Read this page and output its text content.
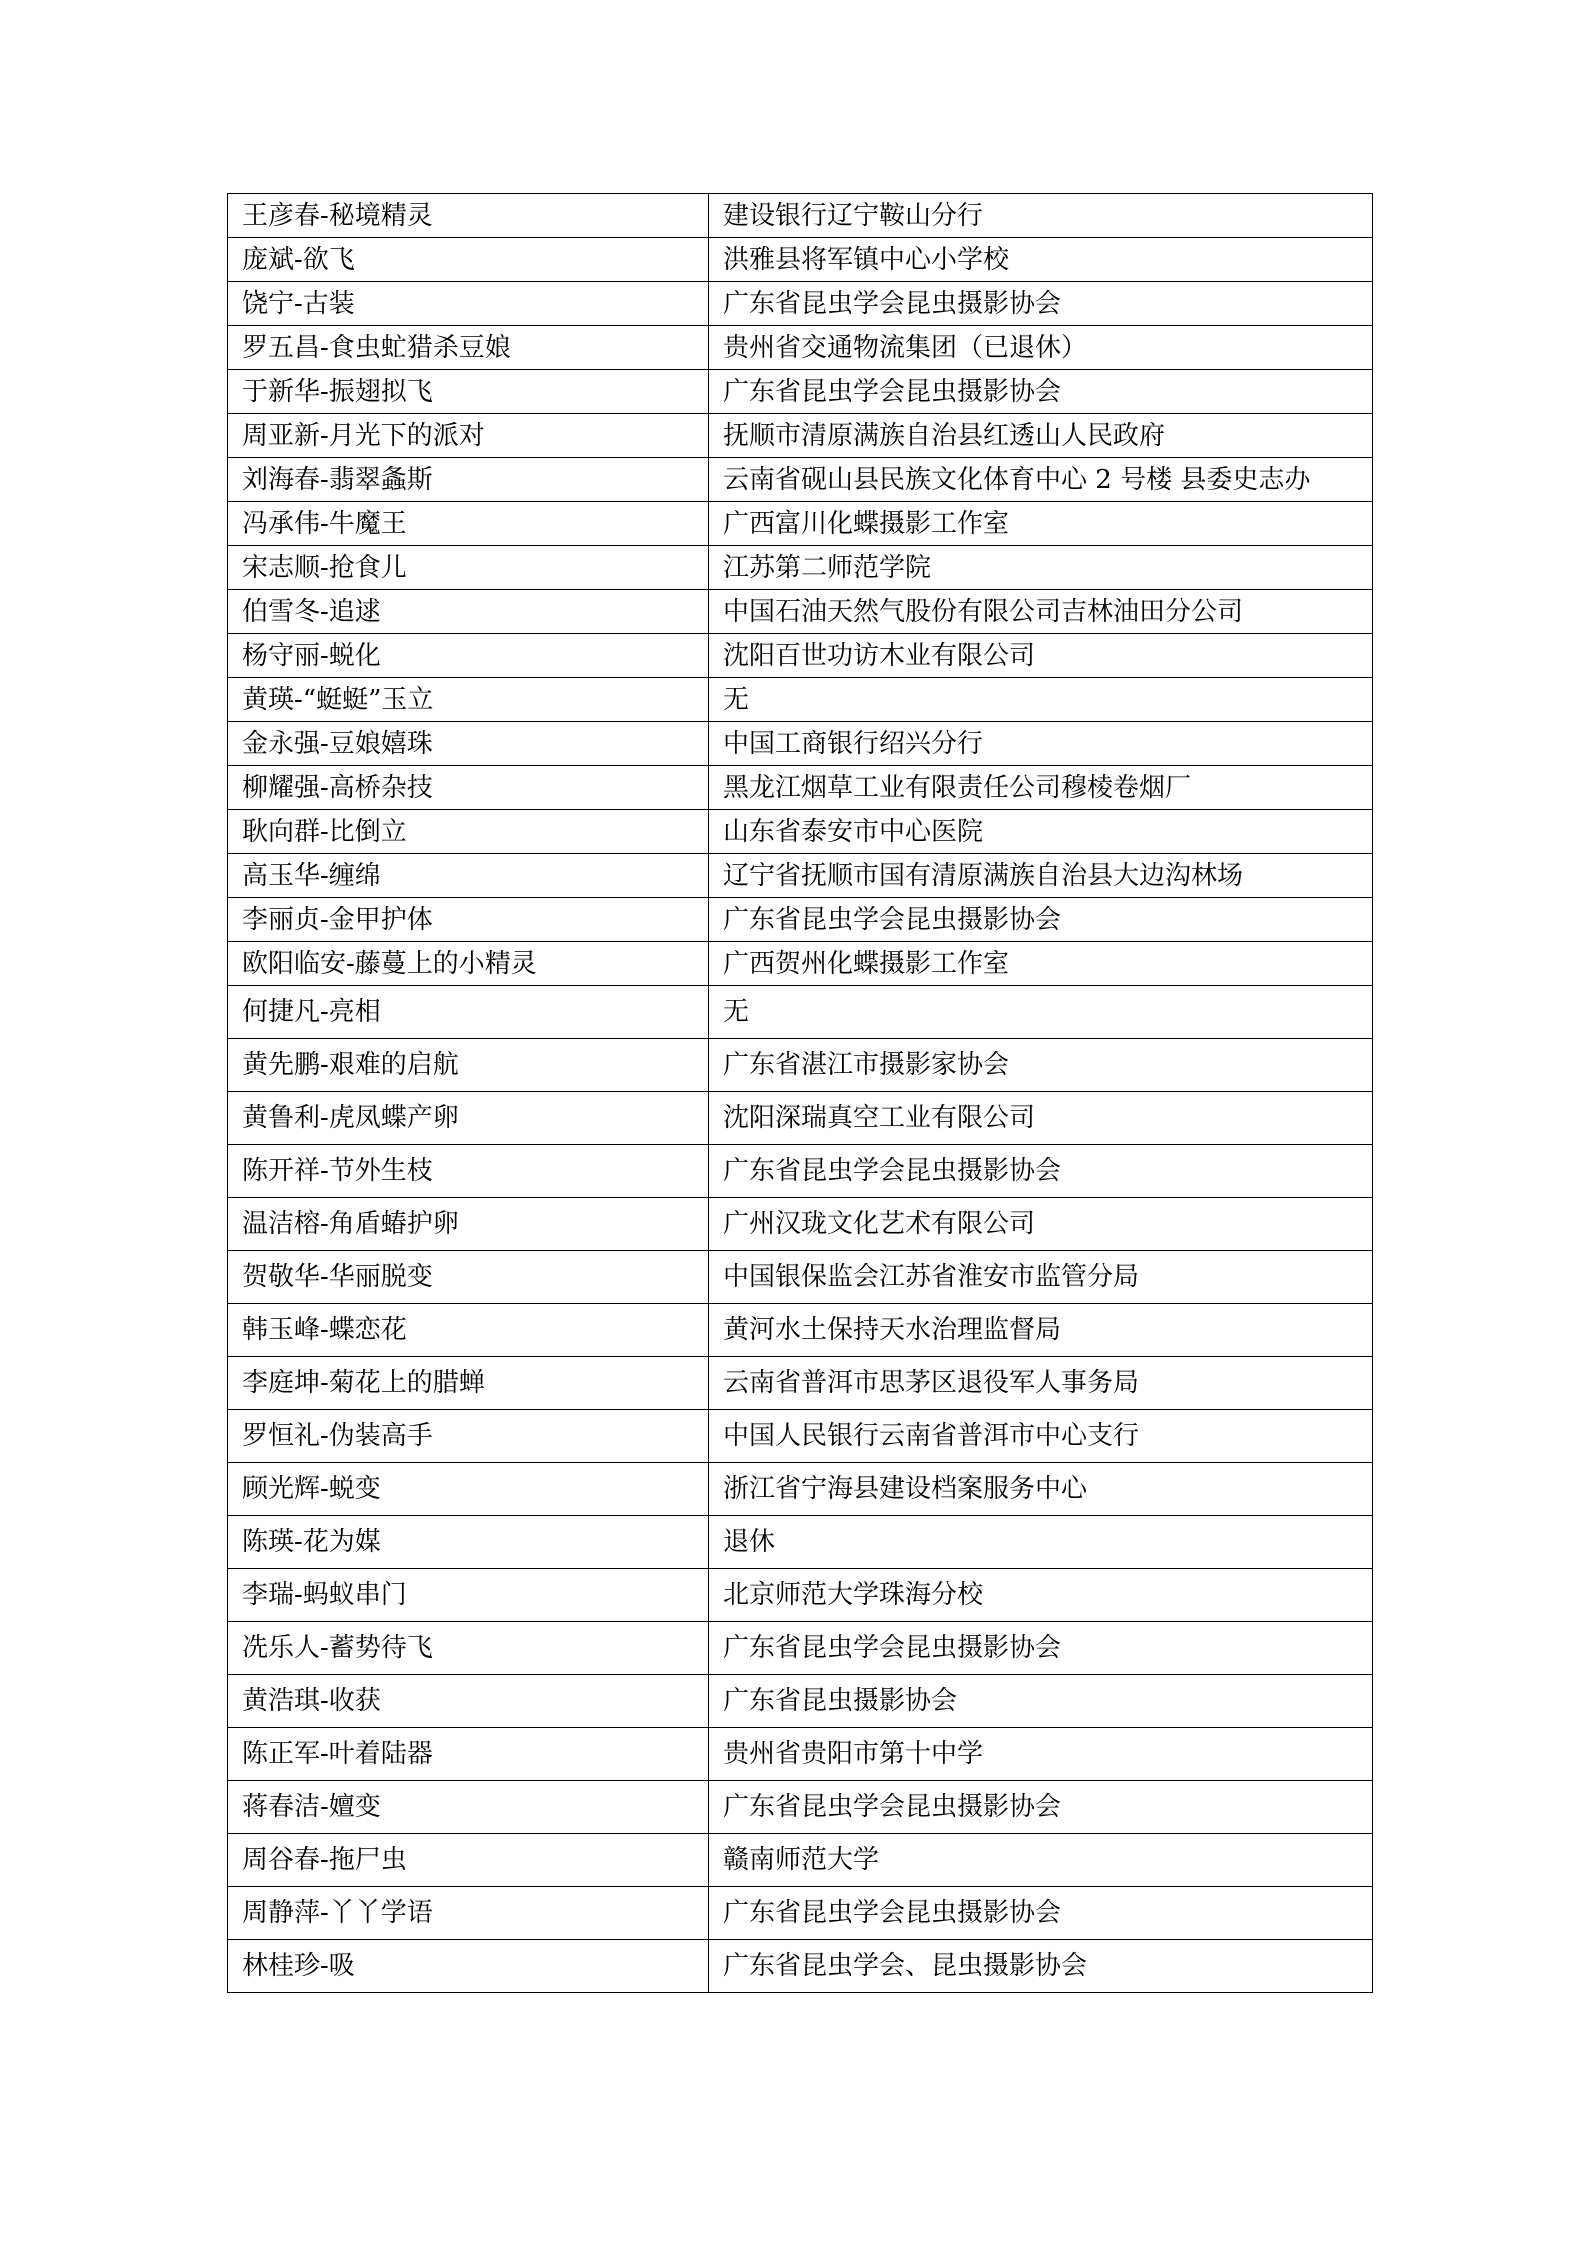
王彦春-秘境精灵	建设银行辽宁鞍山分行
庞斌-欲飞	洪雅县将军镇中心小学校
饶宁-古装	广东省昆虫学会昆虫摄影协会
罗五昌-食虫虻猎杀豆娘	贵州省交通物流集团（已退休）
于新华-振翅拟飞	广东省昆虫学会昆虫摄影协会
周亚新-月光下的派对	抚顺市清原满族自治县红透山人民政府
刘海春-翡翠螽斯	云南省砚山县民族文化体育中心 2 号楼 县委史志办
冯承伟-牛魔王	广西富川化蝶摄影工作室
宋志顺-抢食儿	江苏第二师范学院
伯雪冬-追逑	中国石油天然气股份有限公司吉林油田分公司
杨守丽-蜕化	沈阳百世功访木业有限公司
黄瑛-“蜓蜓”玉立	无
金永强-豆娘嬉珠	中国工商银行绍兴分行
柳耀强-高桥杂技	黑龙江烟草工业有限责任公司穆棱卷烟厂
耿向群-比倒立	山东省泰安市中心医院
高玉华-缠绵	辽宁省抚顺市国有清原满族自治县大边沟林场
李丽贞-金甲护体	广东省昆虫学会昆虫摄影协会
欧阳临安-藤蔓上的小精灵	广西贺州化蝶摄影工作室
何捷凡-亮相	无
黄先鹏-艰难的启航	广东省湛江市摄影家协会
黄鲁利-虎凤蝶产卵	沈阳深瑞真空工业有限公司
陈开祥-节外生枝	广东省昆虫学会昆虫摄影协会
温洁榕-角盾蝽护卵	广州汉珑文化艺术有限公司
贺敬华-华丽脱变	中国银保监会江苏省淮安市监管分局
韩玉峰-蝶恋花	黄河水土保持天水治理监督局
李庭坤-菊花上的腊蝉	云南省普洱市思茅区退役军人事务局
罗恒礼-伪装高手	中国人民银行云南省普洱市中心支行
顾光辉-蜕变	浙江省宁海县建设档案服务中心
陈瑛-花为媒	退休
李瑞-蚂蚁串门	北京师范大学珠海分校
冼乐人-蓄势待飞	广东省昆虫学会昆虫摄影协会
黄浩琪-收获	广东省昆虫摄影协会
陈正军-叶着陆器	贵州省贵阳市第十中学
蒋春洁-嬗变	广东省昆虫学会昆虫摄影协会
周谷春-拖尸虫	赣南师范大学
周静萍-丫丫学语	广东省昆虫学会昆虫摄影协会
林桂珍-吸	广东省昆虫学会、昆虫摄影协会
